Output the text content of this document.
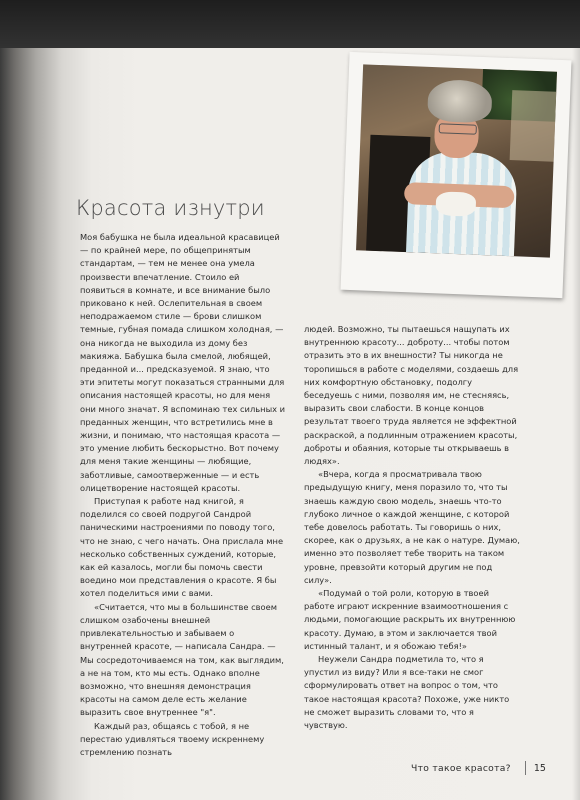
Красота изнутри

Моя бабушка не была идеальной красавицей — по крайней мере, по общепринятым стандартам, — тем не менее она умела произвести впечатление. Стоило ей появиться в комнате, и все внимание было приковано к ней. Ослепительная в своем неподражаемом стиле — брови слишком темные, губная помада слишком холодная, — она никогда не выходила из дому без макияжа. Бабушка была смелой, любящей, преданной и... предсказуемой. Я знаю, что эти эпитеты могут показаться странными для описания настоящей красоты, но для меня они много значат. Я вспоминаю тех сильных и преданных женщин, что встретились мне в жизни, и понимаю, что настоящая красота — это умение любить бескорыстно. Вот почему для меня такие женщины — любящие, заботливые, самоотверженные — и есть олицетворение настоящей красоты.

Приступая к работе над книгой, я поделился со своей подругой Сандрой паническими настроениями по поводу того, что не знаю, с чего начать. Она прислала мне несколько собственных суждений, которые, как ей казалось, могли бы помочь свести воедино мои представления о красоте. Я бы хотел поделиться ими с вами.

«Считается, что мы в большинстве своем слишком озабочены внешней привлекательностью и забываем о внутренней красоте, — написала Сандра. — Мы сосредоточиваемся на том, как выглядим, а не на том, кто мы есть. Однако вполне возможно, что внешняя демонстрация красоты на самом деле есть желание выразить свое внутреннее "я".

Каждый раз, общаясь с тобой, я не перестаю удивляться твоему искреннему стремлению познать

людей. Возможно, ты пытаешься нащупать их внутреннюю красоту... доброту... чтобы потом отразить это в их внешности? Ты никогда не торопишься в работе с моделями, создаешь для них комфортную обстановку, подолгу беседуешь с ними, позволяя им, не стесняясь, выразить свои слабости. В конце концов результат твоего труда является не эффектной раскраской, а подлинным отражением красоты, доброты и обаяния, которые ты открываешь в людях».

«Вчера, когда я просматривала твою предыдущую книгу, меня поразило то, что ты знаешь каждую свою модель, знаешь что-то глубоко личное о каждой женщине, с которой тебе довелось работать. Ты говоришь о них, скорее, как о друзьях, а не как о натуре. Думаю, именно это позволяет тебе творить на таком уровне, превзойти который другим не под силу».

«Подумай о той роли, которую в твоей работе играют искренние взаимоотношения с людьми, помогающие раскрыть их внутреннюю красоту. Думаю, в этом и заключается твой истинный талант, и я обожаю тебя!»

Неужели Сандра подметила то, что я упустил из виду? Или я все-таки не смог сформулировать ответ на вопрос о том, что такое настоящая красота? Похоже, уже никто не сможет выразить словами то, что я чувствую.

Что такое красота? 15
